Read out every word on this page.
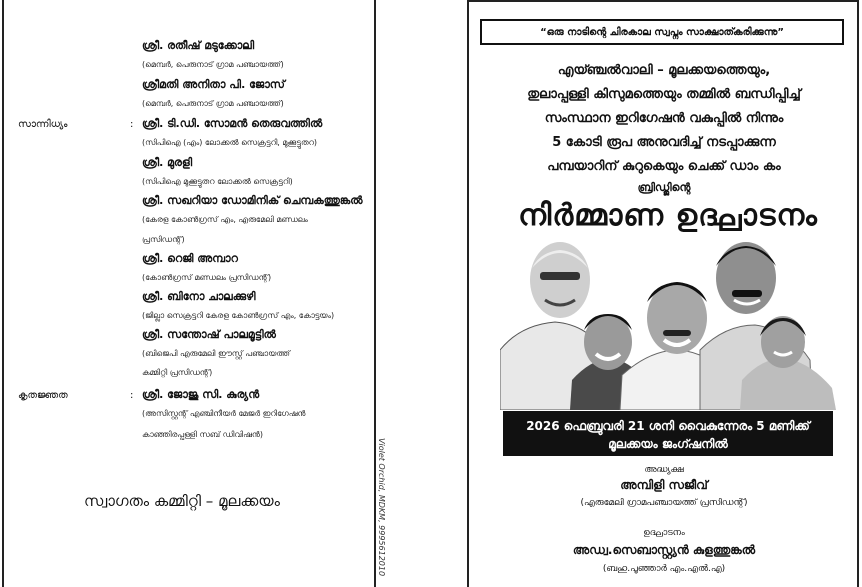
ശ്രീ. രതീഷ് മടുക്കോലി
(മെമ്പർ, പെരുനാട് ഗ്രാമ പഞ്ചായത്ത്)
ശ്രീമതി അനിതാ പി. ജോസ്
(മെമ്പർ, പെരുനാട് ഗ്രാമ പഞ്ചായത്ത്)
സാന്നിധ്യം	: ശ്രീ. ടി.ഡി. സോമൻ തെരുവത്തിൽ
(സിപിഐ (എം) ലോക്കൽ സെക്രട്ടറി, മുക്കൂട്ടുതറ)
ശ്രീ. മുരളി
(സിപിഐ മുക്കൂട്ടുതറ ലോക്കൽ സെക്രട്ടറി)
ശ്രീ. സഖറിയാ ഡോമിനിക് ചെമ്പകത്തുങ്കൽ
(കേരള കോൺഗ്രസ് എം, എരുമേലി മണ്ഡലം
പ്രസിഡന്റ്)
ശ്രീ. റെജി അമ്പാറ
(കോൺഗ്രസ് മണ്ഡലം പ്രസിഡന്റ്)
ശ്രീ. ബിനോ ചാലക്കുഴി
(ജില്ലാ സെക്രട്ടറി കേരള കോൺഗ്രസ് എം, കോട്ടയം)
ശ്രീ. സന്തോഷ് പാലമൂട്ടിൽ
(ബിജെപി എരുമേലി ഈസ്റ്റ് പഞ്ചായത്ത്
കമ്മിറ്റി പ്രസിഡന്റ്)
കൃതജ്ഞത	: ശ്രീ. ജോജു സി. കുര്യൻ
(അസിസ്റ്റന്റ് എഞ്ചിനീയർ മേജർ ഇറിഗേഷൻ
കാഞ്ഞിരപ്പള്ളി സബ് ഡിവിഷൻ)
സ്വാഗതം കമ്മിറ്റി – മൂലക്കയം	Violet Orchid, MDKM, 9995612010
“ഒരു നാടിന്റെ ചിരകാല സ്വപ്നം സാക്ഷാത്കരിക്കുന്നു”
എയ്ഞ്ചൽവാലി – മൂലക്കയത്തെയും,
തുലാപ്പള്ളി കിസുമത്തെയും തമ്മിൽ ബന്ധിപ്പിച്ച്
സംസ്ഥാന ഇറിഗേഷൻ വകുപ്പിൽ നിന്നും
5 കോടി രൂപ അനുവദിച്ച് നടപ്പാക്കുന്ന
പമ്പയാറിന് കുറുകെയും ചെക്ക് ഡാം കം
ബ്രിഡ്ജിന്റെ
നിർമ്മാണ ഉദ്ഘാടനം
2026 ഫെബ്രുവരി 21 ശനി വൈകുന്നേരം 5 മണിക്ക്
മൂലക്കയം ജംഗ്ഷനിൽ
അദ്ധ്യക്ഷ
അമ്പിളി സജീവ്
(എരുമേലി ഗ്രാമപഞ്ചായത്ത് പ്രസിഡന്റ്)
ഉദ്ഘാടനം
അഡ്വ.സെബാസ്റ്റ്യൻ കുളത്തുങ്കൽ
(ബഹു.പൂഞ്ഞാർ എം.എൽ.എ)
